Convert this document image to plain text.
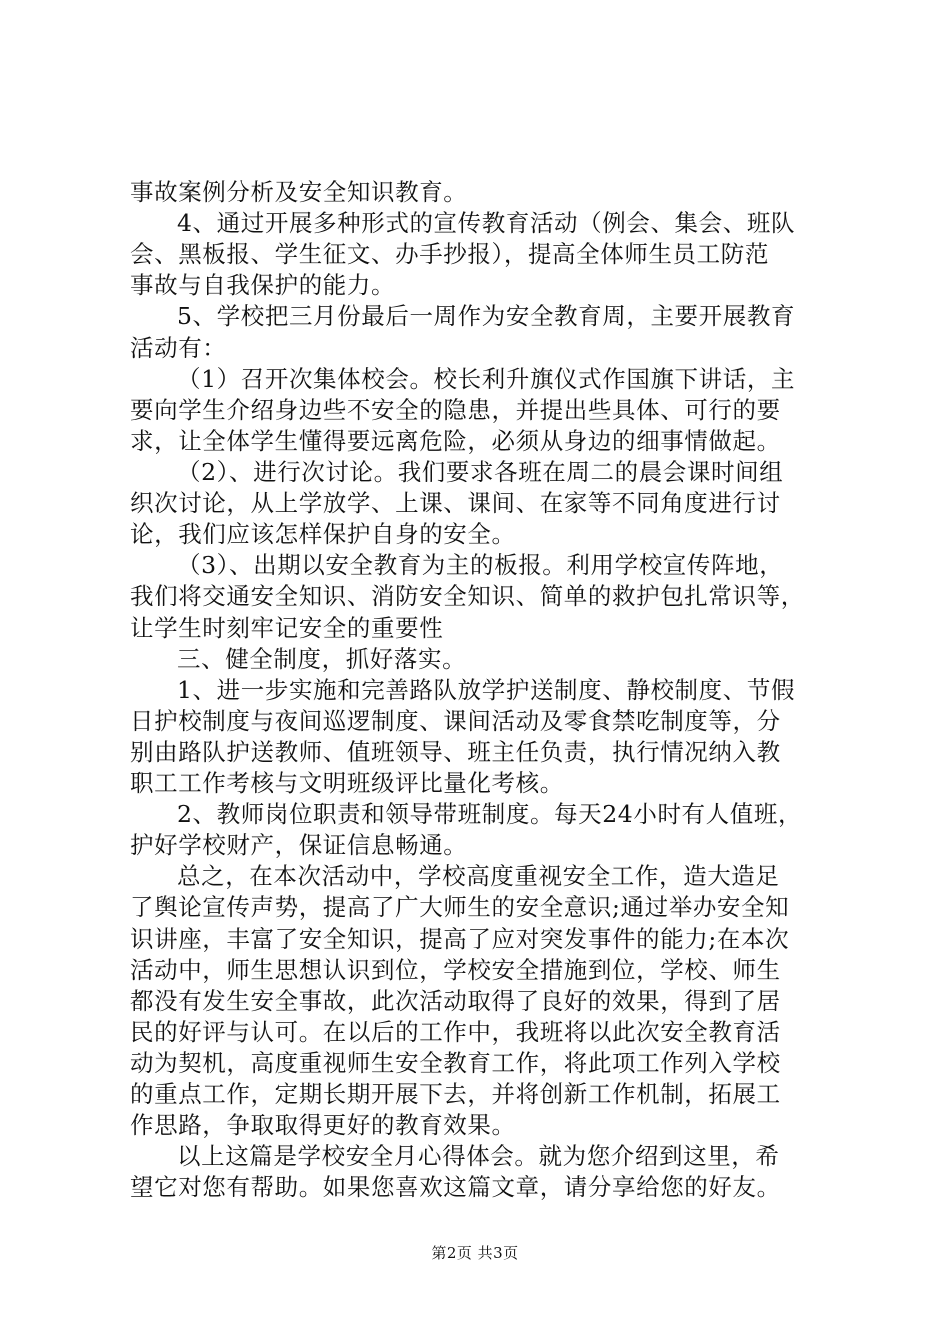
事故案例分析及安全知识教育。
4、通过开展多种形式的宣传教育活动（例会、集会、班队
会、黑板报、学生征文、办手抄报），提高全体师生员工防范
事故与自我保护的能力。
5、学校把三月份最后一周作为安全教育周，主要开展教育
活动有：
（1）召开次集体校会。校长利升旗仪式作国旗下讲话，主
要向学生介绍身边些不安全的隐患，并提出些具体、可行的要
求，让全体学生懂得要远离危险，必须从身边的细事情做起。
（2）、进行次讨论。我们要求各班在周二的晨会课时间组
织次讨论，从上学放学、上课、课间、在家等不同角度进行讨
论，我们应该怎样保护自身的安全。
（3）、出期以安全教育为主的板报。利用学校宣传阵地，
我们将交通安全知识、消防安全知识、简单的救护包扎常识等，
让学生时刻牢记安全的重要性
三、健全制度，抓好落实。
1、进一步实施和完善路队放学护送制度、静校制度、节假
日护校制度与夜间巡逻制度、课间活动及零食禁吃制度等，分
别由路队护送教师、值班领导、班主任负责，执行情况纳入教
职工工作考核与文明班级评比量化考核。
2、教师岗位职责和领导带班制度。每天24小时有人值班，
护好学校财产，保证信息畅通。
总之，在本次活动中，学校高度重视安全工作，造大造足
了舆论宣传声势，提高了广大师生的安全意识;通过举办安全知
识讲座，丰富了安全知识，提高了应对突发事件的能力;在本次
活动中，师生思想认识到位，学校安全措施到位，学校、师生
都没有发生安全事故，此次活动取得了良好的效果，得到了居
民的好评与认可。在以后的工作中，我班将以此次安全教育活
动为契机，高度重视师生安全教育工作，将此项工作列入学校
的重点工作，定期长期开展下去，并将创新工作机制，拓展工
作思路，争取取得更好的教育效果。
以上这篇是学校安全月心得体会。就为您介绍到这里，希
望它对您有帮助。如果您喜欢这篇文章，请分享给您的好友。
第2页 共3页
